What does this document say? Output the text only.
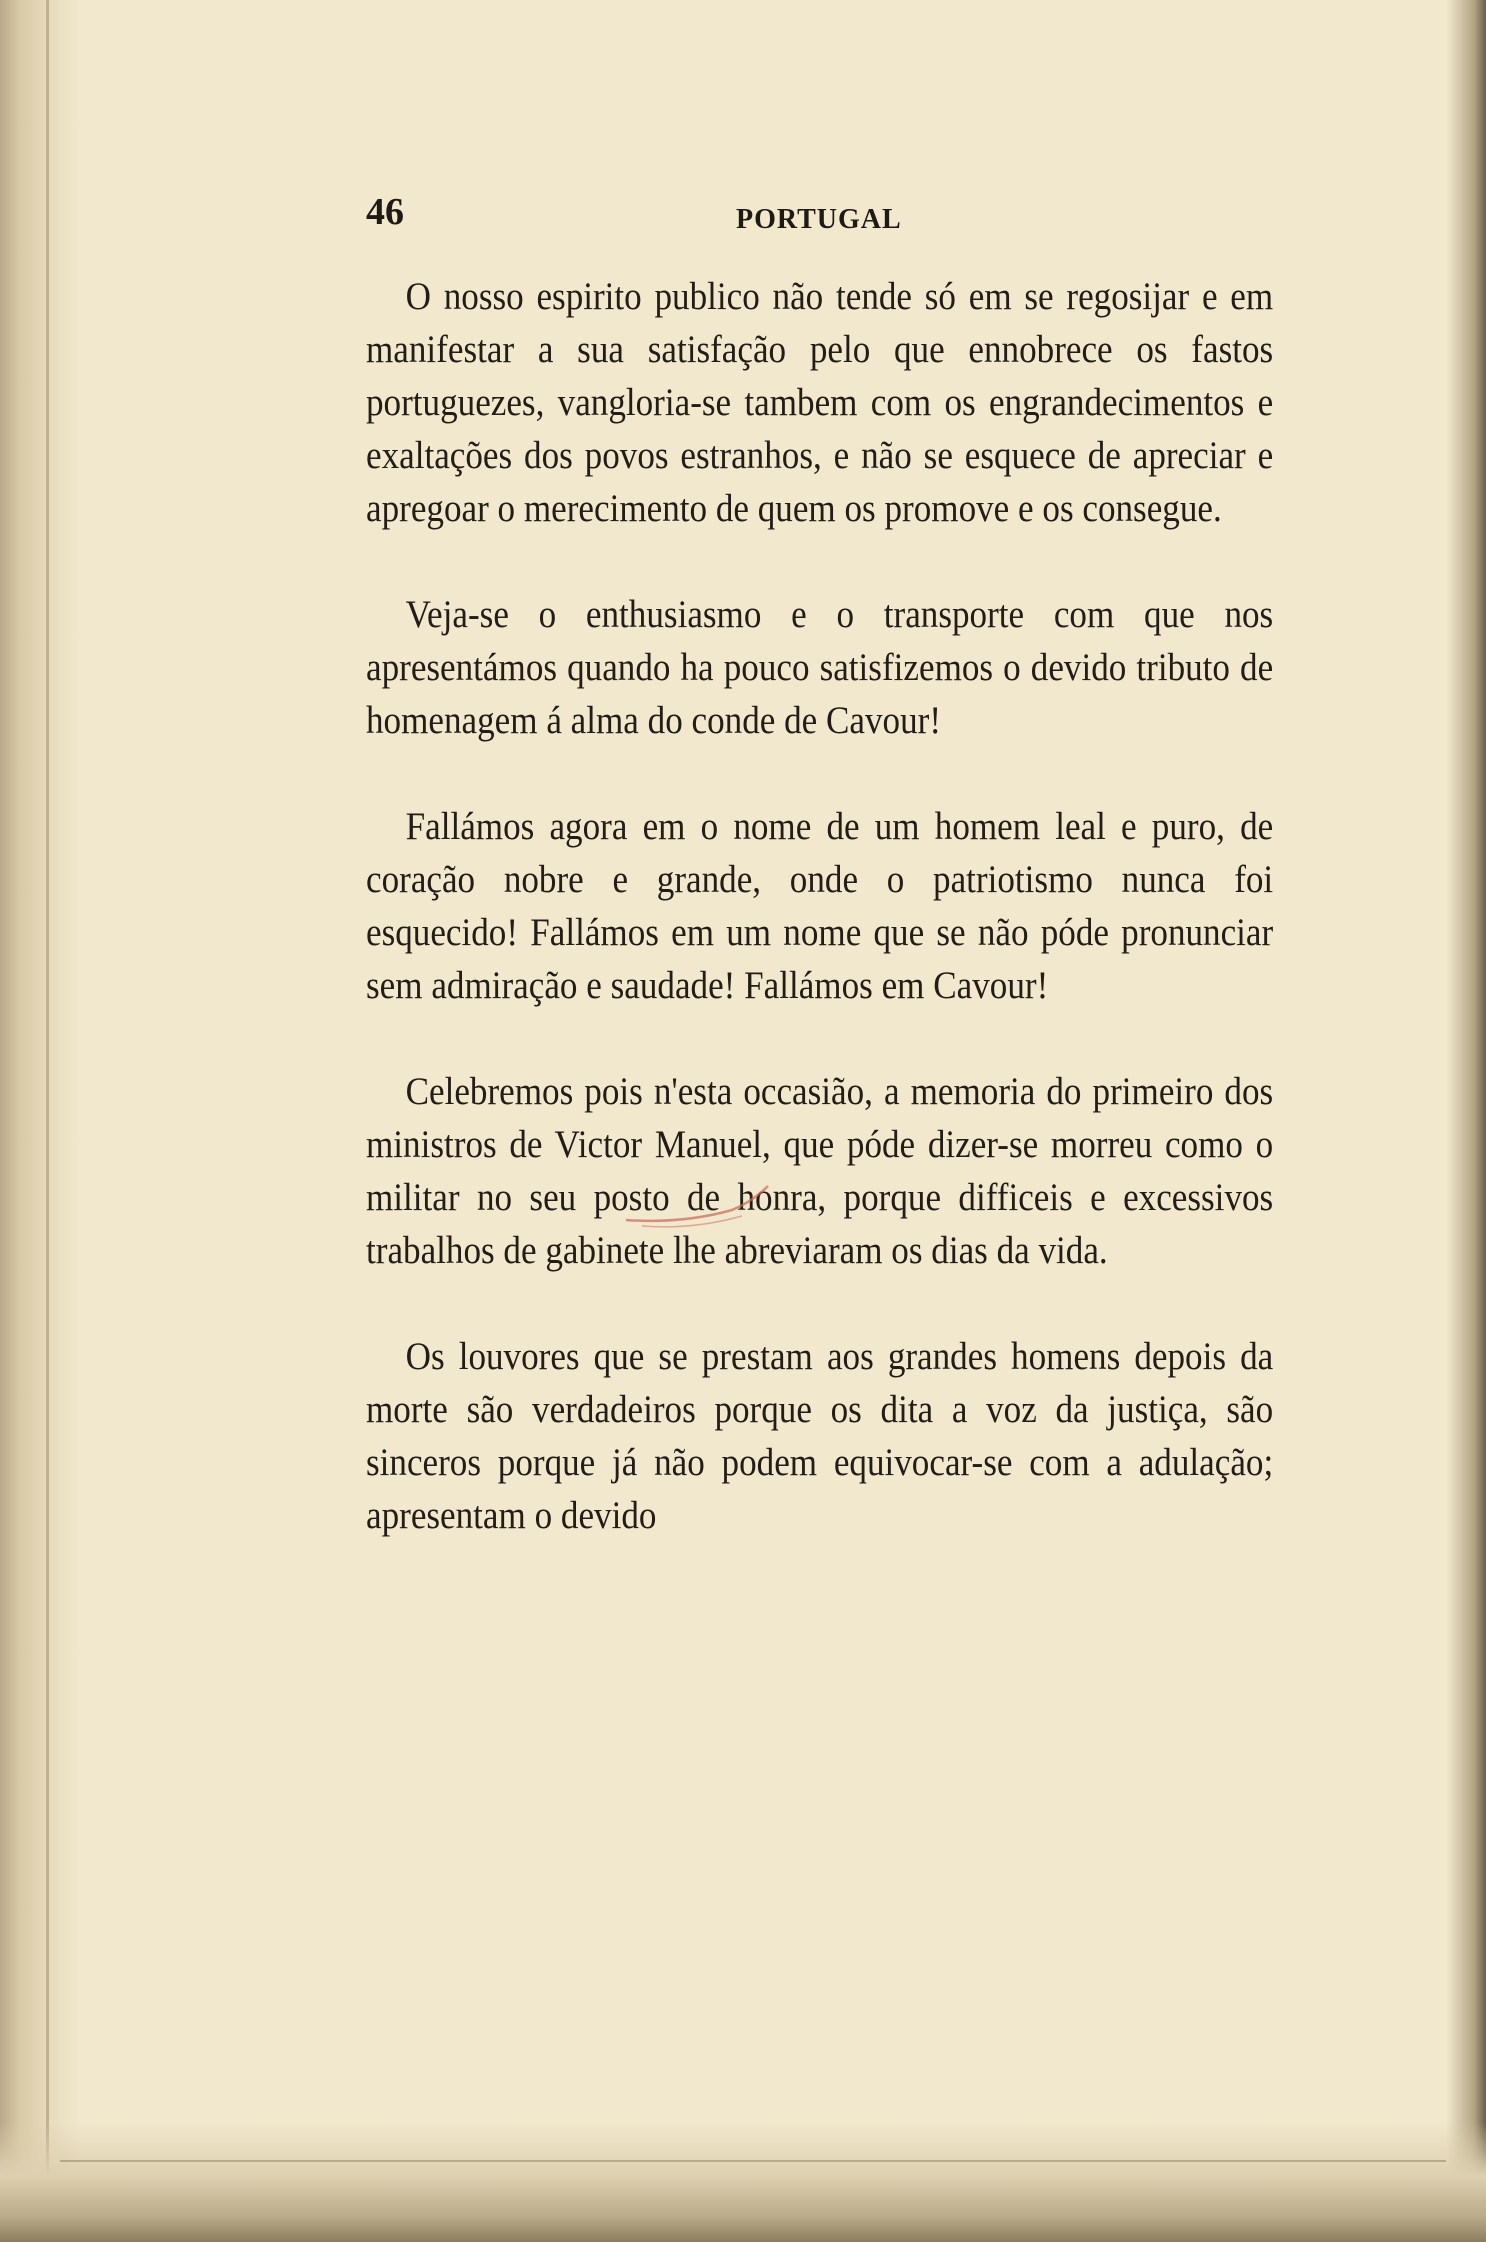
46	PORTUGAL

O nosso espirito publico não tende só em se regosijar e em manifestar a sua satisfação pelo que ennobrece os fastos portuguezes, vangloria-se tambem com os engrandecimentos e exaltações dos povos estranhos, e não se esquece de apreciar e apregoar o merecimento de quem os promove e os consegue.

Veja-se o enthusiasmo e o transporte com que nos apresentámos quando ha pouco satisfizemos o devido tributo de homenagem á alma do conde de Cavour!

Fallámos agora em o nome de um homem leal e puro, de coração nobre e grande, onde o patriotismo nunca foi esquecido! Fallámos em um nome que se não póde pronunciar sem admiração e saudade! Fallámos em Cavour!

Celebremos pois n'esta occasião, a memoria do primeiro dos ministros de Victor Manuel, que póde dizer-se morreu como o militar no seu posto de honra, porque difficeis e excessivos trabalhos de gabinete lhe abreviaram os dias da vida.

Os louvores que se prestam aos grandes homens depois da morte são verdadeiros porque os dita a voz da justiça, são sinceros porque já não podem equivocar-se com a adulação; apresentam o devido
